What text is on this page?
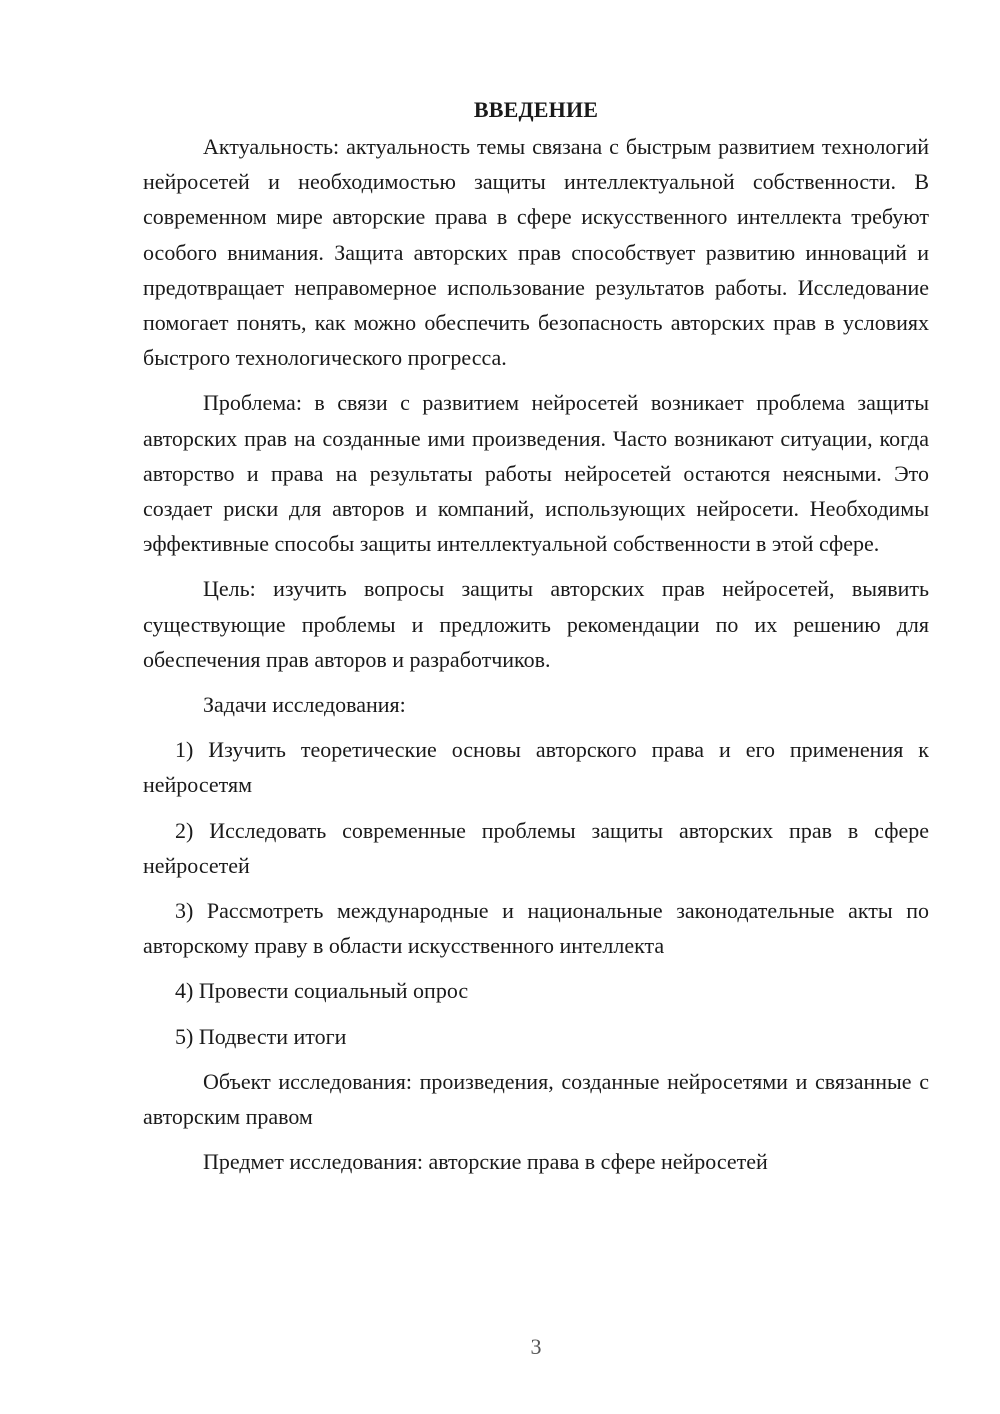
ВВЕДЕНИЕ

Актуальность: актуальность темы связана с быстрым развитием технологий нейросетей и необходимостью защиты интеллектуальной собственности. В современном мире авторские права в сфере искусственного интеллекта требуют особого внимания. Защита авторских прав способствует развитию инноваций и предотвращает неправомерное использование результатов работы. Исследование помогает понять, как можно обеспечить безопасность авторских прав в условиях быстрого технологического прогресса.

Проблема: в связи с развитием нейросетей возникает проблема защиты авторских прав на созданные ими произведения. Часто возникают ситуации, когда авторство и права на результаты работы нейросетей остаются неясными. Это создает риски для авторов и компаний, использующих нейросети. Необходимы эффективные способы защиты интеллектуальной собственности в этой сфере.

Цель: изучить вопросы защиты авторских прав нейросетей, выявить существующие проблемы и предложить рекомендации по их решению для обеспечения прав авторов и разработчиков.

Задачи исследования:

1) Изучить теоретические основы авторского права и его применения к нейросетям

2) Исследовать современные проблемы защиты авторских прав в сфере нейросетей

3) Рассмотреть международные и национальные законодательные акты по авторскому праву в области искусственного интеллекта

4) Провести социальный опрос

5) Подвести итоги

Объект исследования: произведения, созданные нейросетями и связанные с авторским правом

Предмет исследования: авторские права в сфере нейросетей

3
